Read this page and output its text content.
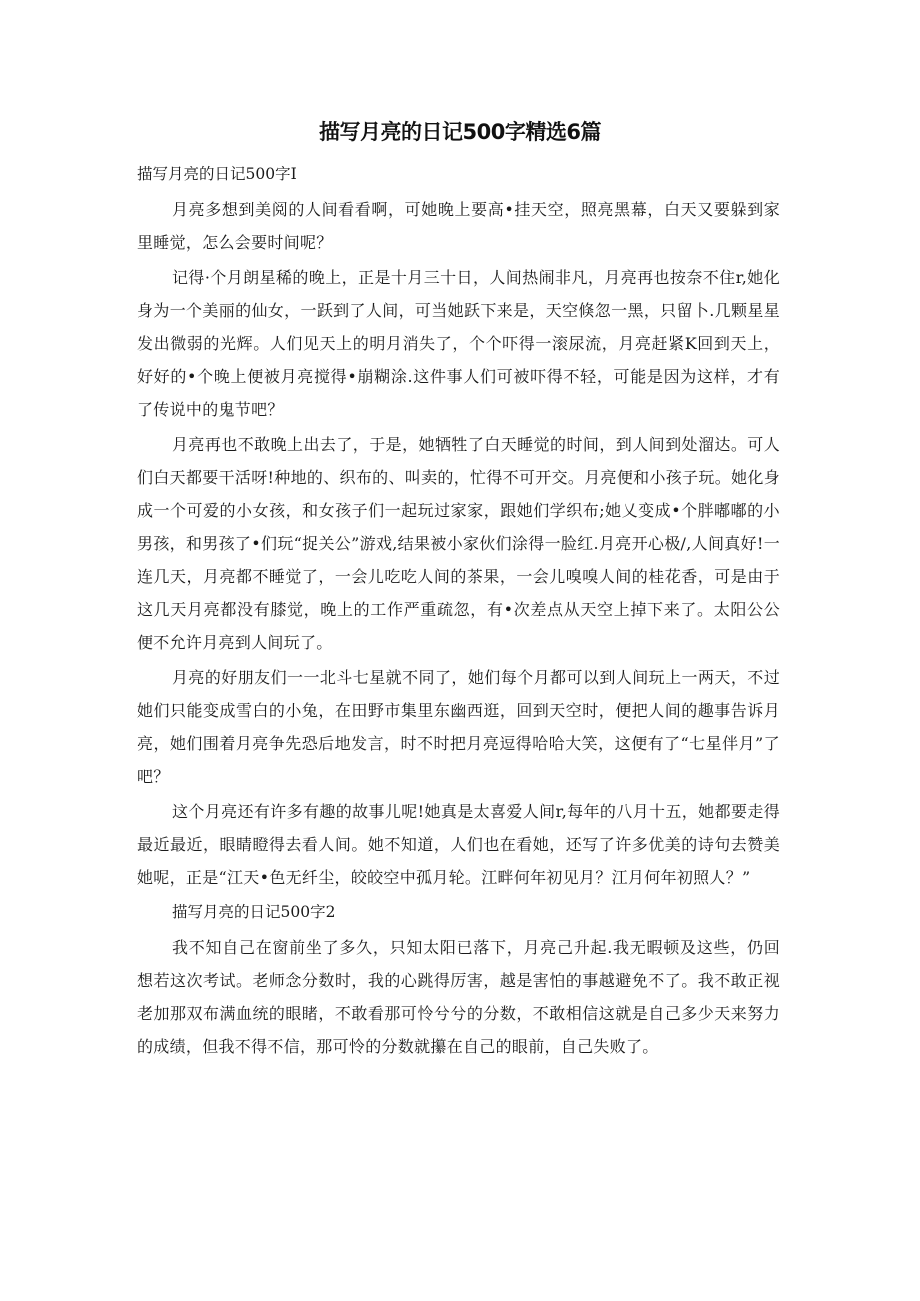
描写月亮的日记500字精选6篇
描写月亮的日记500字I

月亮多想到美阅的人间看看啊，可她晚上要高•挂天空，照亮黑幕，白天又要躲到家里睡觉，怎么会要时间呢？

记得·个月朗星稀的晚上，正是十月三十日，人间热闹非凡，月亮再也按奈不住r,她化身为一个美丽的仙女，一跃到了人间，可当她跃下来是，天空倏忽一黑，只留卜.几颗星星发出微弱的光辉。人们见天上的明月消失了，个个吓得一滚尿流，月亮赶紧K回到天上，好好的•个晚上便被月亮搅得•崩糊涂.这件事人们可被吓得不轻，可能是因为这样，才有了传说中的鬼节吧？

月亮再也不敢晚上出去了，于是，她牺牲了白天睡觉的时间，到人间到处溜达。可人们白天都要干活呀!种地的、织布的、叫卖的，忙得不可开交。月亮便和小孩子玩。她化身成一个可爱的小女孩，和女孩子们一起玩过家家，跟她们学织布;她乂变成•个胖嘟嘟的小男孩，和男孩了•们玩“捉关公”游戏,结果被小家伙们涂得一脸红.月亮开心极/,人间真好!一连几天，月亮都不睡觉了，一会儿吃吃人间的茶果，一会儿嗅嗅人间的桂花香，可是由于这几天月亮都没有膝觉，晚上的工作严重疏忽，有•次差点从天空上掉下来了。太阳公公便不允许月亮到人间玩了。

月亮的好朋友们一一北斗七星就不同了，她们每个月都可以到人间玩上一两天，不过她们只能变成雪白的小兔，在田野市集里东幽西逛，回到天空时，便把人间的趣事告诉月亮，她们围着月亮争先恐后地发言，时不时把月亮逗得哈哈大笑，这便有了“七星伴月”了吧？

这个月亮还有许多有趣的故事儿呢!她真是太喜爱人间r,每年的八月十五，她都要走得最近最近，眼睛瞪得去看人间。她不知道，人们也在看她，还写了许多优美的诗句去赞美她呢，正是“江天•色无纤尘，皎皎空中孤月轮。江畔何年初见月？江月何年初照人？”

描写月亮的日记500字2

我不知自己在窗前坐了多久，只知太阳已落下，月亮己升起.我无暇顿及这些，仍回想若这次考试。老师念分数时，我的心跳得厉害，越是害怕的事越避免不了。我不敢正视老加那双布满血统的眼睹，不敢看那可怜兮兮的分数，不敢相信这就是自己多少天来努力的成绩，但我不得不信，那可怜的分数就攥在自己的眼前，自己失败了。
